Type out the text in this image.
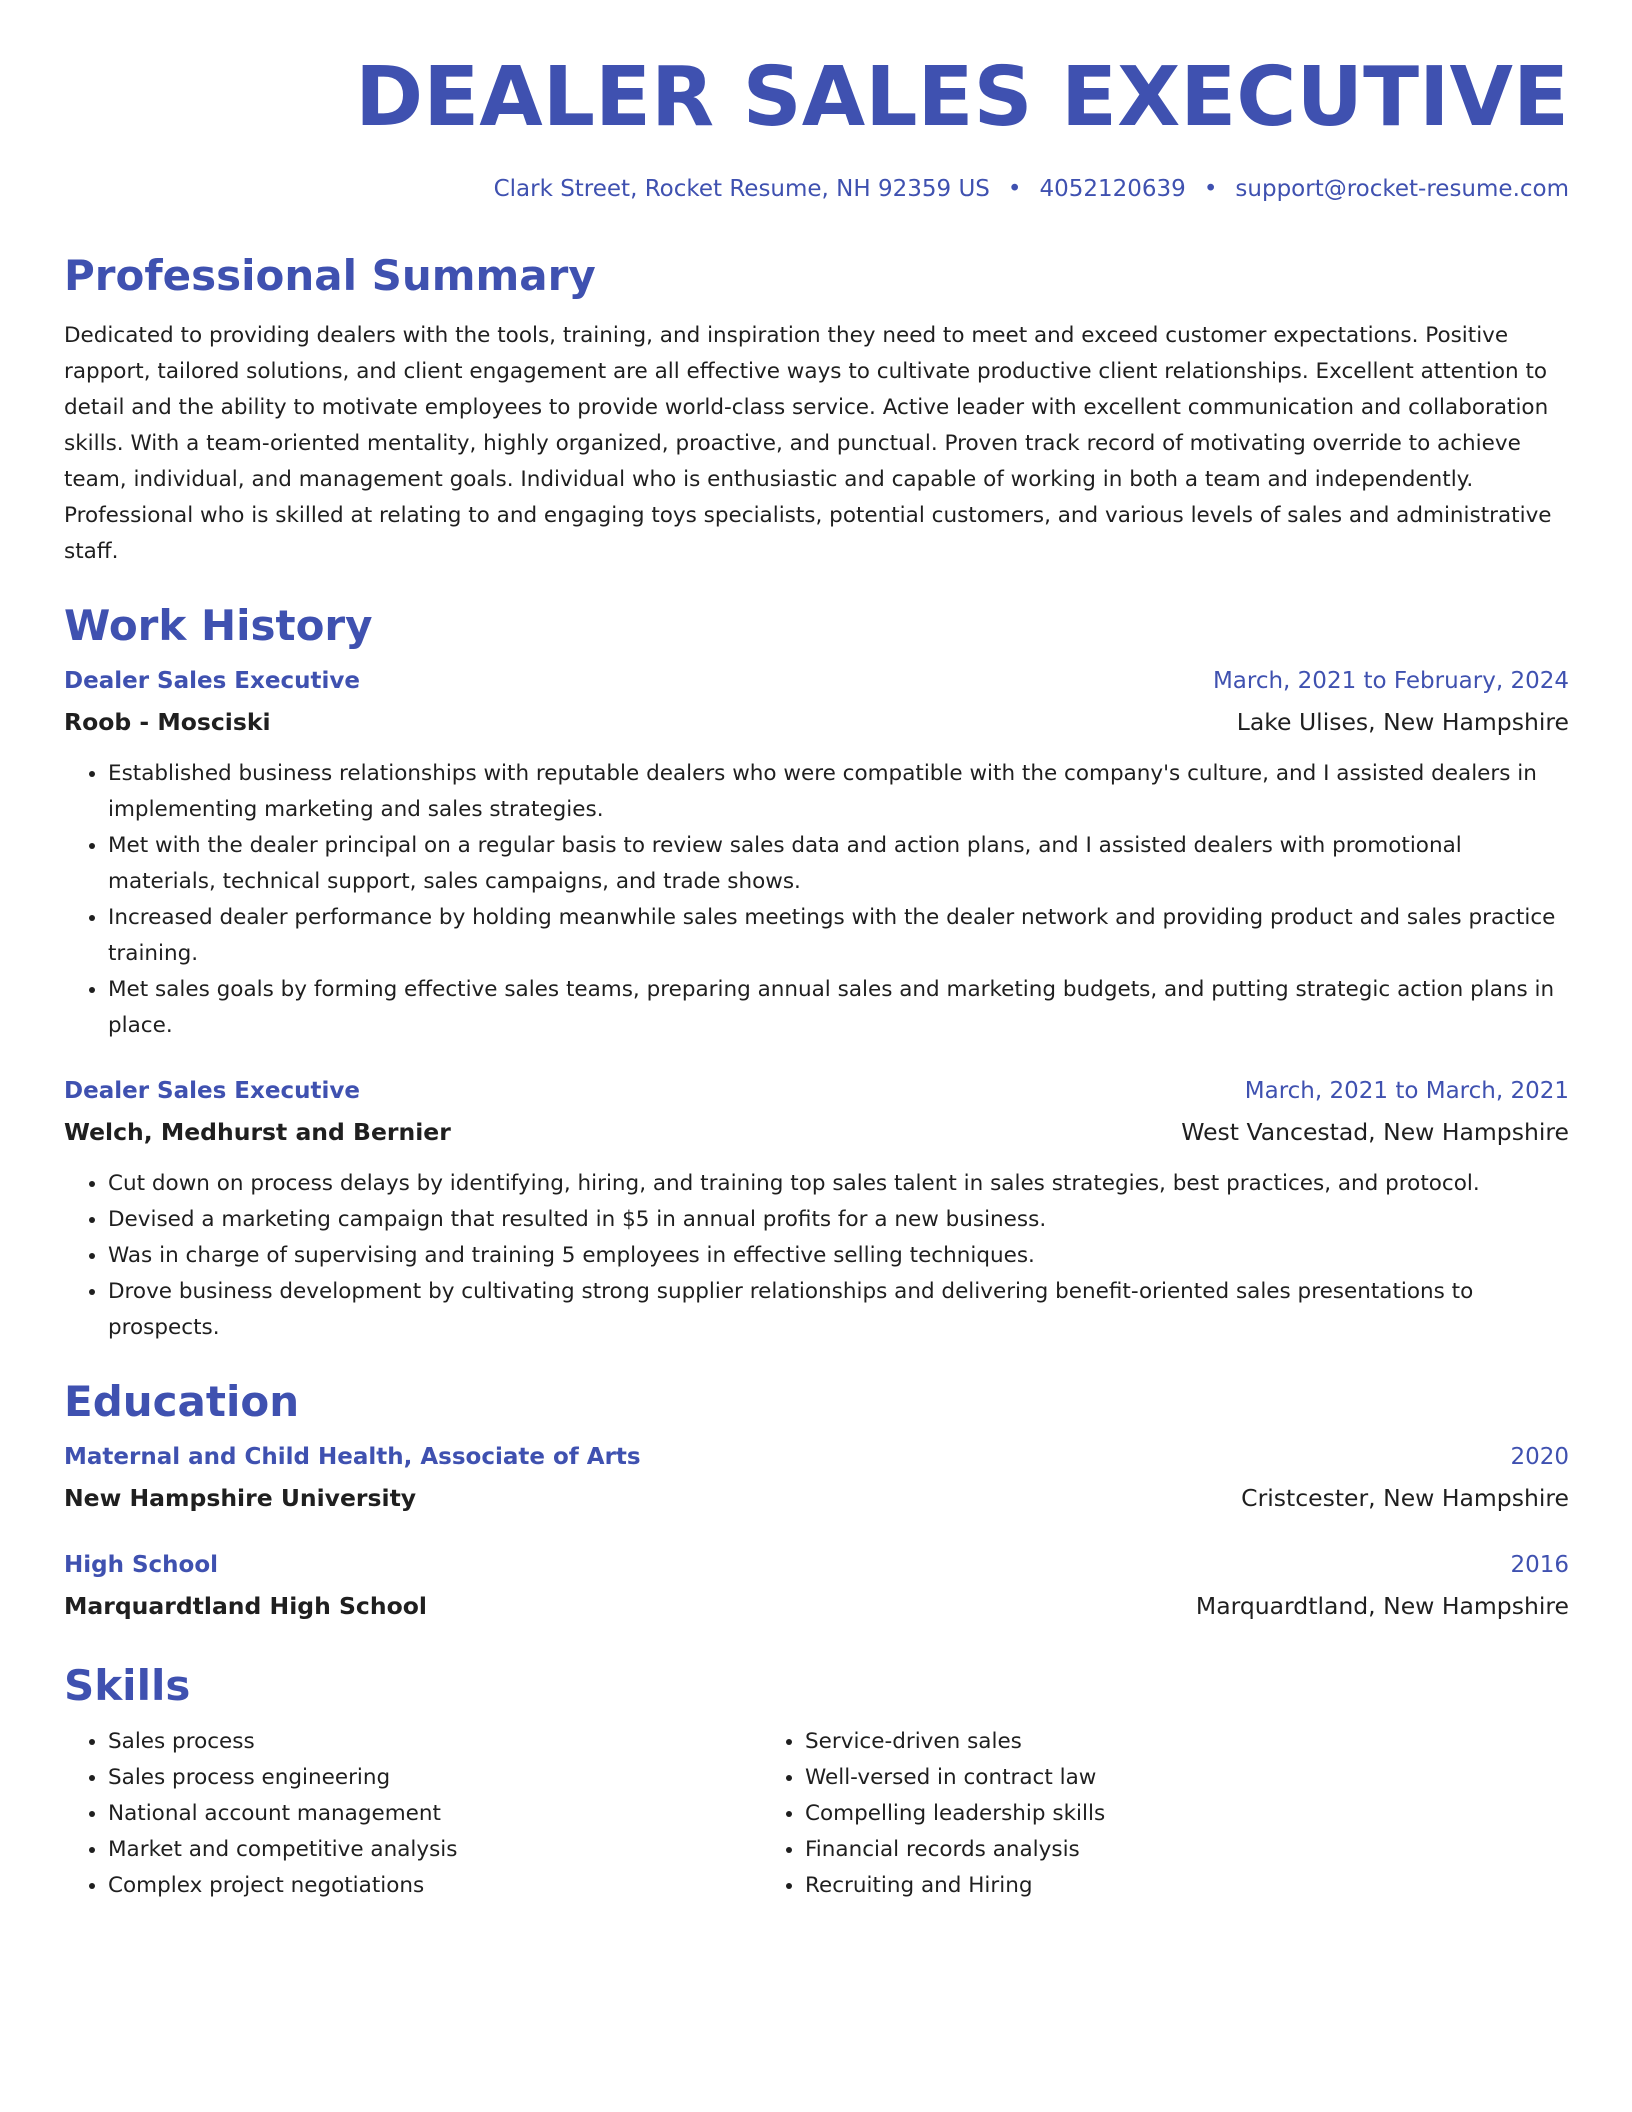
DEALER SALES EXECUTIVE
Clark Street, Rocket Resume, NH 92359 US • 4052120639 • support@rocket-resume.com
Professional Summary
Dedicated to providing dealers with the tools, training, and inspiration they need to meet and exceed customer expectations. Positive rapport, tailored solutions, and client engagement are all effective ways to cultivate productive client relationships. Excellent attention to detail and the ability to motivate employees to provide world-class service. Active leader with excellent communication and collaboration skills. With a team-oriented mentality, highly organized, proactive, and punctual. Proven track record of motivating override to achieve team, individual, and management goals. Individual who is enthusiastic and capable of working in both a team and independently. Professional who is skilled at relating to and engaging toys specialists, potential customers, and various levels of sales and administrative staff.
Work History
Dealer Sales Executive	March, 2021 to February, 2024
Roob - Mosciski	Lake Ulises, New Hampshire
• Established business relationships with reputable dealers who were compatible with the company's culture, and I assisted dealers in implementing marketing and sales strategies.
• Met with the dealer principal on a regular basis to review sales data and action plans, and I assisted dealers with promotional materials, technical support, sales campaigns, and trade shows.
• Increased dealer performance by holding meanwhile sales meetings with the dealer network and providing product and sales practice training.
• Met sales goals by forming effective sales teams, preparing annual sales and marketing budgets, and putting strategic action plans in place.
Dealer Sales Executive	March, 2021 to March, 2021
Welch, Medhurst and Bernier	West Vancestad, New Hampshire
• Cut down on process delays by identifying, hiring, and training top sales talent in sales strategies, best practices, and protocol.
• Devised a marketing campaign that resulted in $5 in annual profits for a new business.
• Was in charge of supervising and training 5 employees in effective selling techniques.
• Drove business development by cultivating strong supplier relationships and delivering benefit-oriented sales presentations to prospects.
Education
Maternal and Child Health, Associate of Arts	2020
New Hampshire University	Cristcester, New Hampshire
High School	2016
Marquardtland High School	Marquardtland, New Hampshire
Skills
• Sales process
• Sales process engineering
• National account management
• Market and competitive analysis
• Complex project negotiations
• Service-driven sales
• Well-versed in contract law
• Compelling leadership skills
• Financial records analysis
• Recruiting and Hiring
